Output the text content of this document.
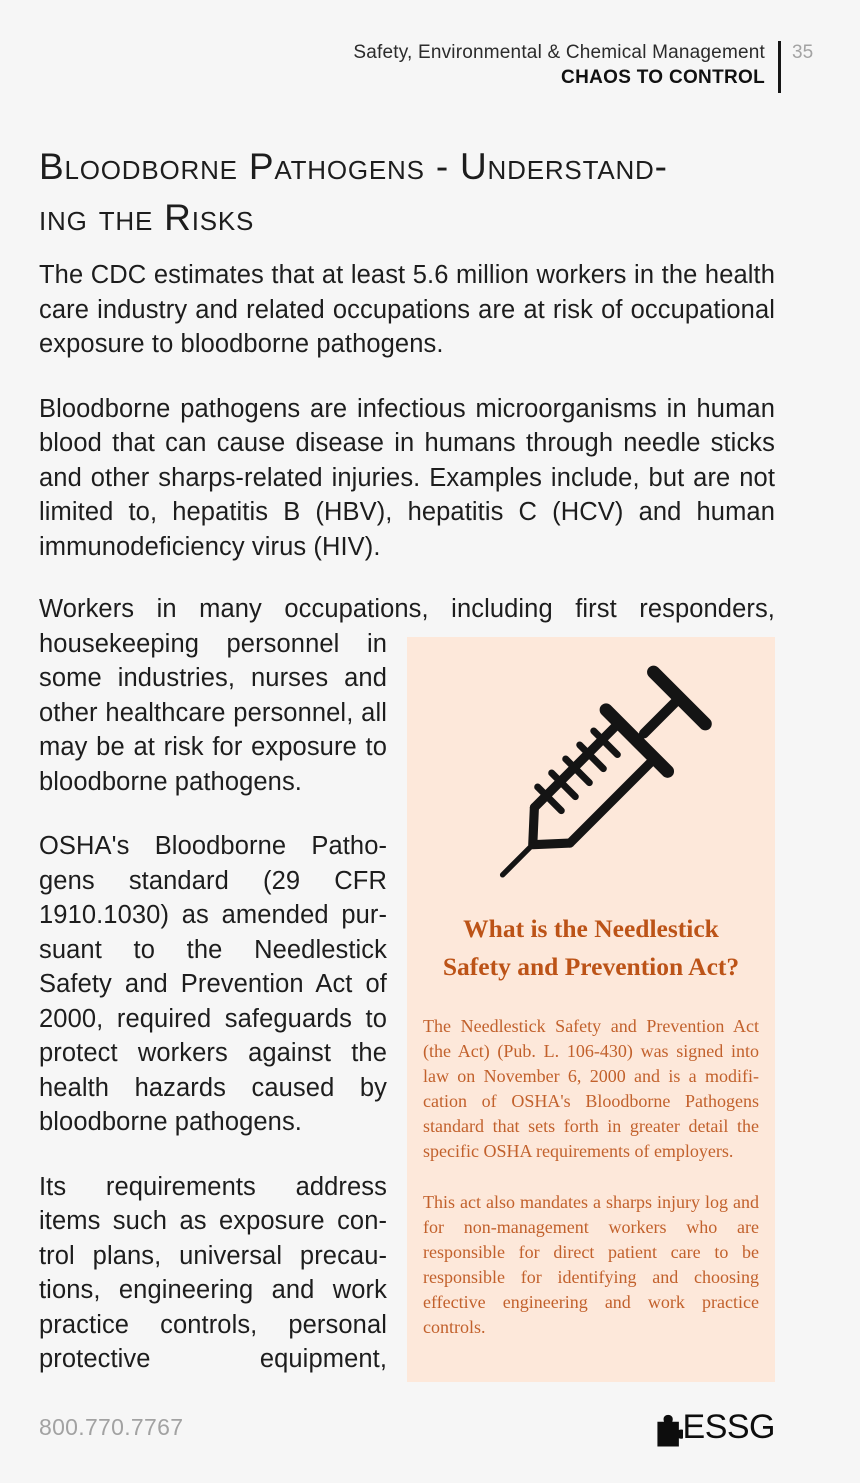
Safety, Environmental & Chemical Management
CHAOS TO CONTROL
35
Bloodborne Pathogens - Understand-
ing the Risks

The CDC estimates that at least 5.6 million workers in the health care industry and related occupations are at risk of occupational exposure to bloodborne pathogens.

Bloodborne pathogens are infectious microorganisms in human blood that can cause disease in humans through needle sticks and other sharps-related injuries. Examples include, but are not limited to, hepatitis B (HBV), hepatitis C (HCV) and human immunodeficiency virus (HIV).

Workers in many occupations, including first responders,

housekeeping personnel in some industries, nurses and other healthcare personnel, all may be at risk for exposure to bloodborne pathogens.

OSHA's Bloodborne Pathogens standard (29 CFR 1910.1030) as amended pursuant to the Needlestick Safety and Prevention Act of 2000, required safeguards to protect workers against the health hazards caused by bloodborne pathogens.

Its requirements address items such as exposure control plans, universal precautions, engineering and work practice controls, personal protective equipment,

What is the Needlestick
Safety and Prevention Act?

The Needlestick Safety and Prevention Act (the Act) (Pub. L. 106-430) was signed into law on November 6, 2000 and is a modification of OSHA's Bloodborne Pathogens standard that sets forth in greater detail the specific OSHA requirements of employers.

This act also mandates a sharps injury log and for non-management workers who are responsible for direct patient care to be responsible for identifying and choosing effective engineering and work practice controls.

800.770.7767	ESSG
